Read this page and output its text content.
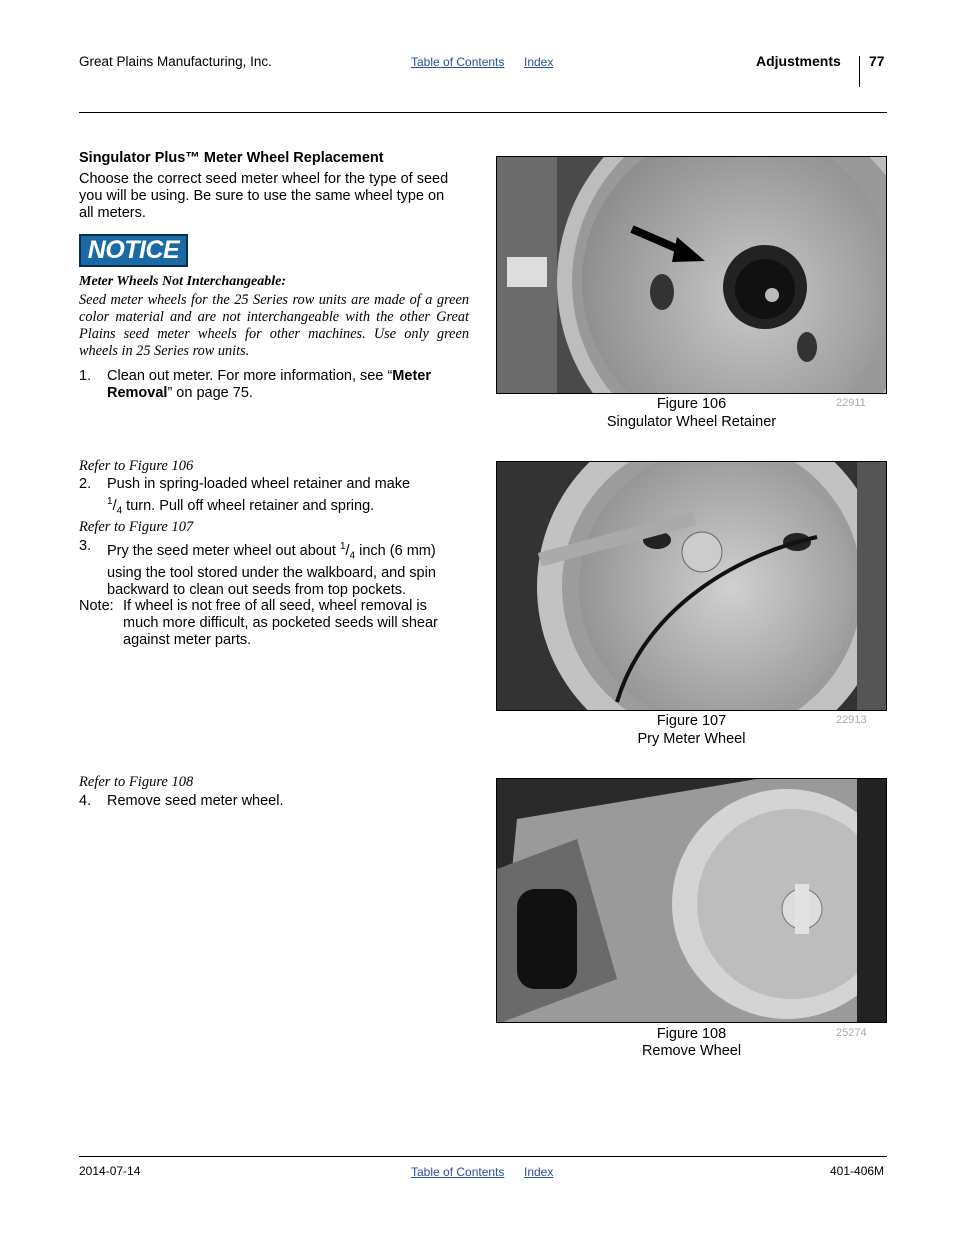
Great Plains Manufacturing, Inc.	Table of Contents Index	Adjustments 77
Singulator Plus™ Meter Wheel Replacement
Choose the correct seed meter wheel for the type of seed you will be using. Be sure to use the same wheel type on all meters.
NOTICE
Meter Wheels Not Interchangeable:
Seed meter wheels for the 25 Series row units are made of a green color material and are not interchangeable with the other Great Plains seed meter wheels for other machines. Use only green wheels in 25 Series row units.
1. Clean out meter. For more information, see “Meter
Removal” on page 75.
Refer to Figure 106
2. Push in spring-loaded wheel retainer and make
$^1/_4$ turn. Pull off wheel retainer and spring.
Refer to Figure 107
3. Pry the seed meter wheel out about $^1/_4$ inch (6 mm)
using the tool stored under the walkboard, and spin
backward to clean out seeds from top pockets.
Note: If wheel is not free of all seed, wheel removal is
much more difficult, as pocketed seeds will shear
against meter parts.
Refer to Figure 108
4. Remove seed meter wheel.
Figure 106
Singulator Wheel Retainer
22911
Figure 107
Pry Meter Wheel
22913
Figure 108
Remove Wheel
25274
2014-07-14	Table of Contents Index	401-406M
